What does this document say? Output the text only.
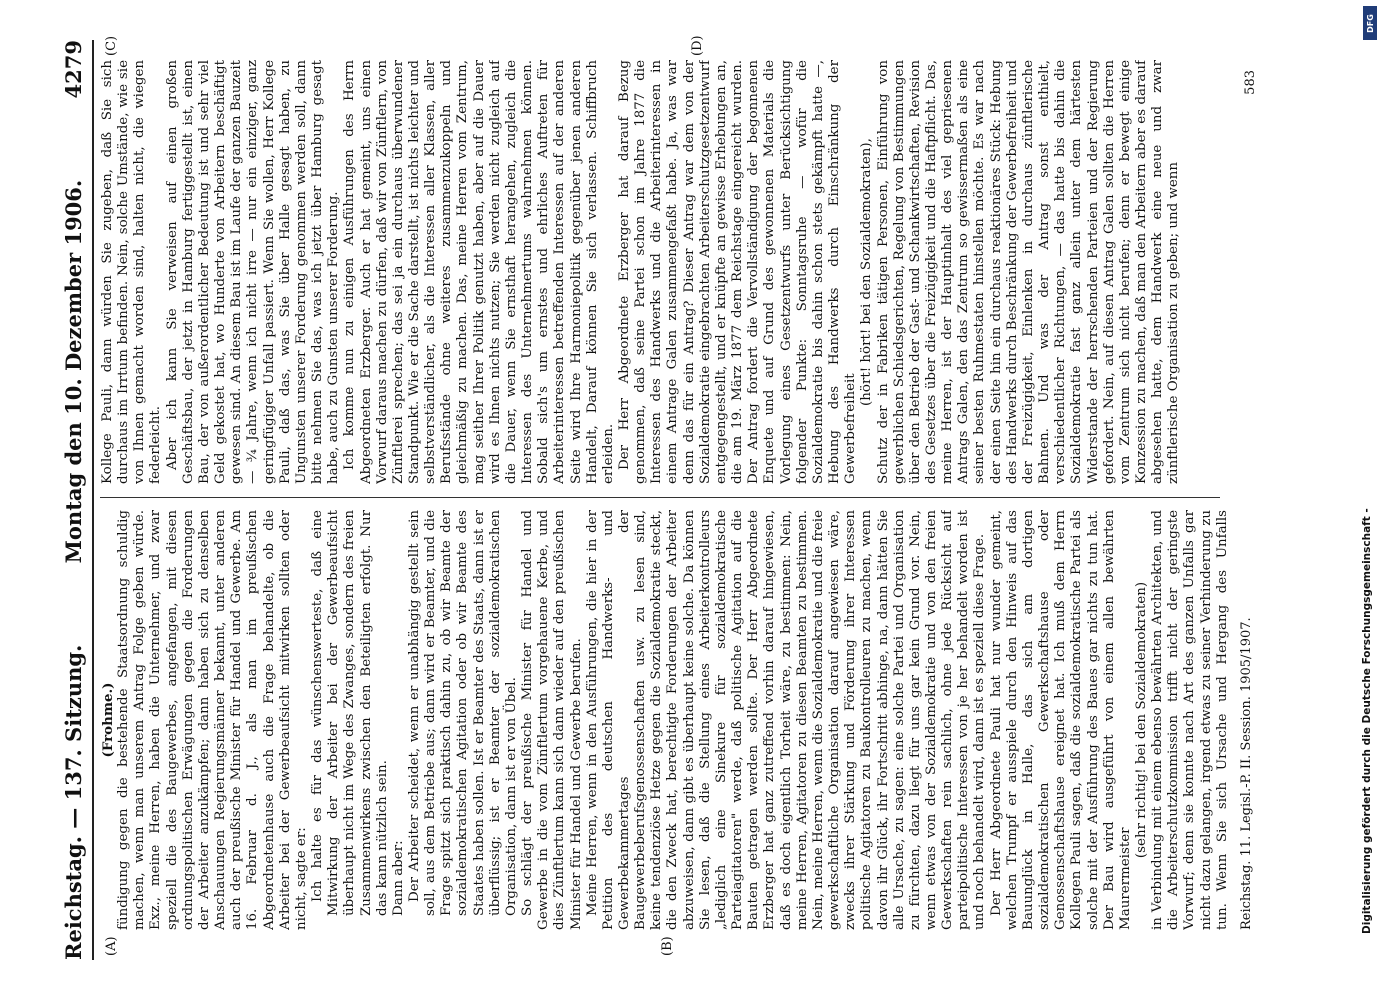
Reichstag. — 137. Sitzung.
Montag den 10. Dezember 1906.
4279
(A)	(B)
(C)	(D)

(Frohme.) fündigung gegen die bestehende Staatsordnung schuldig machen, wenn man unserem Antrag Folge geben würde. Exz., meine Herren, haben die Unternehmer, und zwar speziell die des Baugewerbes, angefangen, mit diesen ordnungspolitischen Erwägungen gegen die Forderungen der Arbeiter anzukämpfen; dann haben sich zu denselben Anschauungen Regierungsmänner bekannt, unter anderen auch der preußische Minister für Handel und Gewerbe. Am 16. Februar d. J., als man im preußischen Abgeordnetenhause auch die Frage behandelte, ob die Arbeiter bei der Gewerbeaufsicht mitwirken sollten oder nicht, sagte er: Ich halte es für das wünschenswerteste, daß eine Mitwirkung der Arbeiter bei der Gewerbeaufsicht überhaupt nicht im Wege des Zwanges, sondern des freien Zusammenwirkens zwischen den Beteiligten erfolgt. Nur das kann nützlich sein. Dann aber: Der Arbeiter scheidet, wenn er unabhängig gestellt sein soll, aus dem Betriebe aus; dann wird er Beamter, und die Frage spitzt sich praktisch dahin zu, ob wir Beamte der sozialdemokratischen Agitation oder ob wir Beamte des Staates haben sollen. Ist er Beamter des Staats, dann ist er überflüssig; ist er Beamter der sozialdemokratischen Organisation, dann ist er von Übel. So schlägt der preußische Minister für Handel und Gewerbe in die vom Zünftlertum vorgehauene Kerbe, und dies Zünftlertum kann sich dann wieder auf den preußischen Minister für Handel und Gewerbe berufen. Meine Herren, wenn in den Ausführungen, die hier in der Petition des deutschen Handwerks- und Gewerbekammertages der Baugewerbeberufsgenossenschaften usw. zu lesen sind, keine tendenziöse Hetze gegen die Sozialdemokratie steckt, die den Zweck hat, berechtigte Forderungen der Arbeiter abzuweisen, dann gibt es überhaupt keine solche. Da können Sie lesen, daß die Stellung eines Arbeiterkontrolleurs „lediglich eine Sinekure für sozialdemokratische Parteiagitatoren" werde, daß politische Agitation auf die Bauten getragen werden sollte. Der Herr Abgeordnete Erzberger hat ganz zutreffend vorhin darauf hingewiesen, daß es doch eigentlich Torheit wäre, zu bestimmen: Nein, meine Herren, Agitatoren zu diesen Beamten zu bestimmen. Nein, meine Herren, wenn die Sozialdemokratie und die freie gewerkschaftliche Organisation darauf angewiesen wäre, zwecks ihrer Stärkung und Förderung ihrer Interessen politische Agitatoren zu Baukontrolleuren zu machen, wenn davon ihr Glück, ihr Fortschritt abhinge, na, dann hätten Sie alle Ursache, zu sagen: eine solche Partei und Organisation zu fürchten, dazu liegt für uns gar kein Grund vor. Nein, wenn etwas von der Sozialdemokratie und von den freien Gewerkschaften rein sachlich, ohne jede Rücksicht auf parteipolitische Interessen von je her behandelt worden ist und noch behandelt wird, dann ist es speziell diese Frage. Der Herr Abgeordnete Pauli hat nur wunder gemeint, welchen Trumpf er ausspiele durch den Hinweis auf das Bauunglück in Halle, das sich am dortigen sozialdemokratischen Gewerkschaftshause oder Genossenschaftshause ereignet hat. Ich muß dem Herrn Kollegen Pauli sagen, daß die sozialdemokratische Partei als solche mit der Ausführung des Baues gar nichts zu tun hat. Der Bau wird ausgeführt von einem allen bewährten Maurermeister

(sehr richtig! bei den Sozialdemokraten)

in Verbindung mit einem ebenso bewährten Architekten, und die Arbeiterschutzkommission trifft nicht der geringste Vorwurf; denn sie konnte nach Art des ganzen Unfalls gar nicht dazu gelangen, irgend etwas zu seiner Verhinderung zu tun. Wenn Sie sich Ursache und Hergang des Unfalls

Kollege Pauli, dann würden Sie zugeben, daß Sie sich durchaus im Irrtum befinden. Nein, solche Umstände, wie sie von Ihnen gemacht worden sind, halten nicht, die wiegen federleicht. Aber ich kann Sie verweisen auf einen großen Geschäftsbau, der jetzt in Hamburg fertiggestellt ist, einen Bau, der von außerordentlicher Bedeutung ist und sehr viel Geld gekostet hat, wo Hunderte von Arbeitern beschäftigt gewesen sind. An diesem Bau ist im Laufe der ganzen Bauzeit — ¾ Jahre, wenn ich nicht irre — nur ein einziger, ganz geringfügiger Unfall passiert. Wenn Sie wollen, Herr Kollege Pauli, daß das, was Sie über Halle gesagt haben, zu Ungunsten unserer Forderung genommen werden soll, dann bitte nehmen Sie das, was ich jetzt über Hamburg gesagt habe, auch zu Gunsten unserer Forderung. Ich komme nun zu einigen Ausführungen des Herrn Abgeordneten Erzberger. Auch er hat gemeint, uns einen Vorwurf daraus machen zu dürfen, daß wir von Zünftlern, von Zünftlerei sprechen; das sei ja ein durchaus überwundener Standpunkt. Wie er die Sache darstellt, ist nichts leichter und selbstverständlicher, als die Interessen aller Klassen, aller Berufsstände ohne weiteres zusammenzukoppeln und gleichmäßig zu machen. Das, meine Herren vom Zentrum, mag seither Ihrer Politik genutzt haben, aber auf die Dauer wird es Ihnen nichts nutzen; Sie werden nicht zugleich auf die Dauer, wenn Sie ernsthaft herangehen, zugleich die Interessen des Unternehmertums wahrnehmen können. Sobald sich's um ernstes und ehrliches Auftreten für Arbeiterinteressen betreffenden Interessen auf der anderen Seite wird Ihre Harmoniepolitik gegenüber jenen anderen Handelt, Darauf können Sie sich verlassen. Schiffbruch erleiden. Der Herr Abgeordnete Erzberger hat darauf Bezug genommen, daß seine Partei schon im Jahre 1877 die Interessen des Handwerks und die Arbeiterinteressen in einem Antrage Galen zusammengefaßt habe. Ja, was war denn das für ein Antrag? Dieser Antrag war dem von der Sozialdemokratie eingebrachten Arbeiterschutzgesetzentwurf entgegengestellt, und er knüpfte an gewisse Erhebungen an, die am 19. März 1877 dem Reichstage eingereicht wurden. Der Antrag fordert die Vervollständigung der begonnenen Enquete und auf Grund des gewonnenen Materials die Vorlegung eines Gesetzentwurfs unter Berücksichtigung folgender Punkte: Sonntagsruhe — wofür die Sozialdemokratie bis dahin schon stets gekämpft hatte —, Hebung des Handwerks durch Einschränkung der Gewerbefreiheit

(hört! hört! bei den Sozialdemokraten), Schutz der in Fabriken tätigen Personen, Einführung von gewerblichen Schiedsgerichten, Regelung von Bestimmungen über den Betrieb der Gast- und Schankwirtschaften, Revision des Gesetzes über die Freizügigkeit und die Haftpflicht. Das, meine Herren, ist der Hauptinhalt des viel gepriesenen Antrags Galen, den das Zentrum so gewissermaßen als eine seiner besten Ruhmestaten hinstellen möchte. Es war nach der einen Seite hin ein durchaus reaktionäres Stück: Hebung des Handwerks durch Beschränkung der Gewerbefreiheit und der Freizügigkeit, Einlenken in durchaus zünftlerische Bahnen. Und was der Antrag sonst enthielt, verschiedentlicher Richtungen, — das hatte bis dahin die Sozialdemokratie fast ganz allein unter dem härtesten Widerstande der herrschenden Parteien und der Regierung gefordert. Nein, auf diesen Antrag Galen sollten die Herren vom Zentrum sich nicht berufen; denn er bewegt einige Konzession zu machen, daß man den Arbeitern aber es darauf abgesehen hatte, dem Handwerk eine neue und zwar zünftlerische Organisation zu geben; und wenn

Reichstag. 11. Legisl.-P. II. Session. 1905/1907.
583
Digitalisierung gefördert durch die Deutsche Forschungsgemeinschaft -
DFG
